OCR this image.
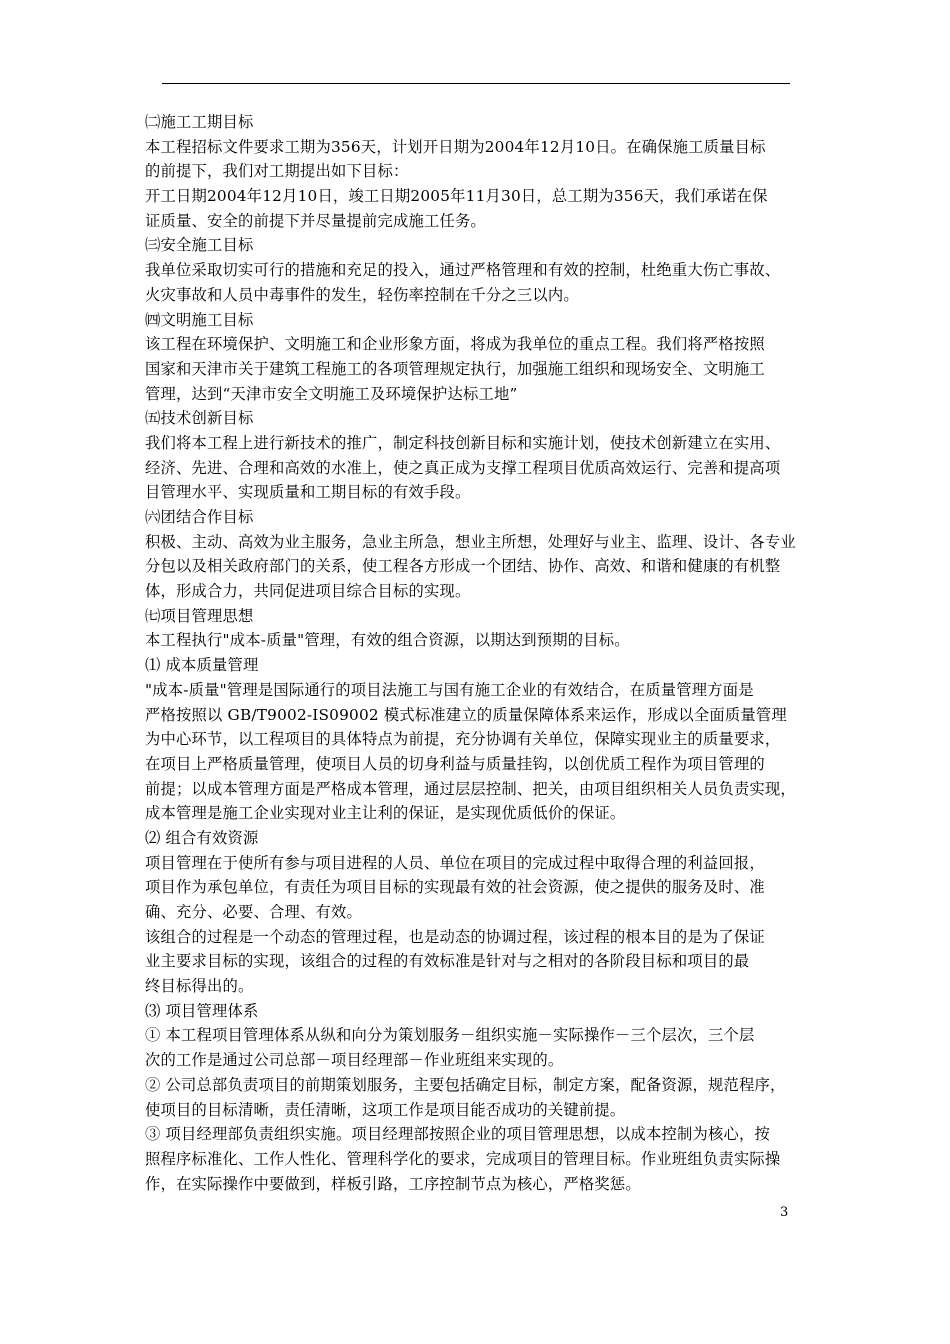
㈡施工工期目标
本工程招标文件要求工期为356天，计划开日期为2004年12月10日。在确保施工质量目标
的前提下，我们对工期提出如下目标：
开工日期2004年12月10日，竣工日期2005年11月30日，总工期为356天，我们承诺在保
证质量、安全的前提下并尽量提前完成施工任务。
㈢安全施工目标
我单位采取切实可行的措施和充足的投入，通过严格管理和有效的控制，杜绝重大伤亡事故、
火灾事故和人员中毒事件的发生，轻伤率控制在千分之三以内。
㈣文明施工目标
该工程在环境保护、文明施工和企业形象方面，将成为我单位的重点工程。我们将严格按照
国家和天津市关于建筑工程施工的各项管理规定执行，加强施工组织和现场安全、文明施工
管理，达到“天津市安全文明施工及环境保护达标工地”
㈤技术创新目标
我们将本工程上进行新技术的推广，制定科技创新目标和实施计划，使技术创新建立在实用、
经济、先进、合理和高效的水准上，使之真正成为支撑工程项目优质高效运行、完善和提高项
目管理水平、实现质量和工期目标的有效手段。
㈥团结合作目标
积极、主动、高效为业主服务，急业主所急，想业主所想，处理好与业主、监理、设计、各专业
分包以及相关政府部门的关系，使工程各方形成一个团结、协作、高效、和谐和健康的有机整
体，形成合力，共同促进项目综合目标的实现。
㈦项目管理思想
本工程执行"成本-质量"管理，有效的组合资源，以期达到预期的目标。
⑴ 成本质量管理
"成本-质量"管理是国际通行的项目法施工与国有施工企业的有效结合，在质量管理方面是
严格按照以 GB/T9002-IS09002 模式标准建立的质量保障体系来运作，形成以全面质量管理
为中心环节，以工程项目的具体特点为前提，充分协调有关单位，保障实现业主的质量要求，
在项目上严格质量管理，使项目人员的切身利益与质量挂钩，以创优质工程作为项目管理的
前提；以成本管理方面是严格成本管理，通过层层控制、把关，由项目组织相关人员负责实现，
成本管理是施工企业实现对业主让利的保证，是实现优质低价的保证。
⑵ 组合有效资源
项目管理在于使所有参与项目进程的人员、单位在项目的完成过程中取得合理的利益回报，
项目作为承包单位，有责任为项目目标的实现最有效的社会资源，使之提供的服务及时、准
确、充分、必要、合理、有效。
该组合的过程是一个动态的管理过程，也是动态的协调过程，该过程的根本目的是为了保证
业主要求目标的实现，该组合的过程的有效标准是针对与之相对的各阶段目标和项目的最
终目标得出的。
⑶ 项目管理体系
① 本工程项目管理体系从纵和向分为策划服务－组织实施－实际操作－三个层次，三个层
次的工作是通过公司总部－项目经理部－作业班组来实现的。
② 公司总部负责项目的前期策划服务，主要包括确定目标，制定方案，配备资源，规范程序，
使项目的目标清晰，责任清晰，这项工作是项目能否成功的关键前提。
③ 项目经理部负责组织实施。项目经理部按照企业的项目管理思想，以成本控制为核心，按
照程序标准化、工作人性化、管理科学化的要求，完成项目的管理目标。作业班组负责实际操
作，在实际操作中要做到，样板引路，工序控制节点为核心，严格奖惩。
3
